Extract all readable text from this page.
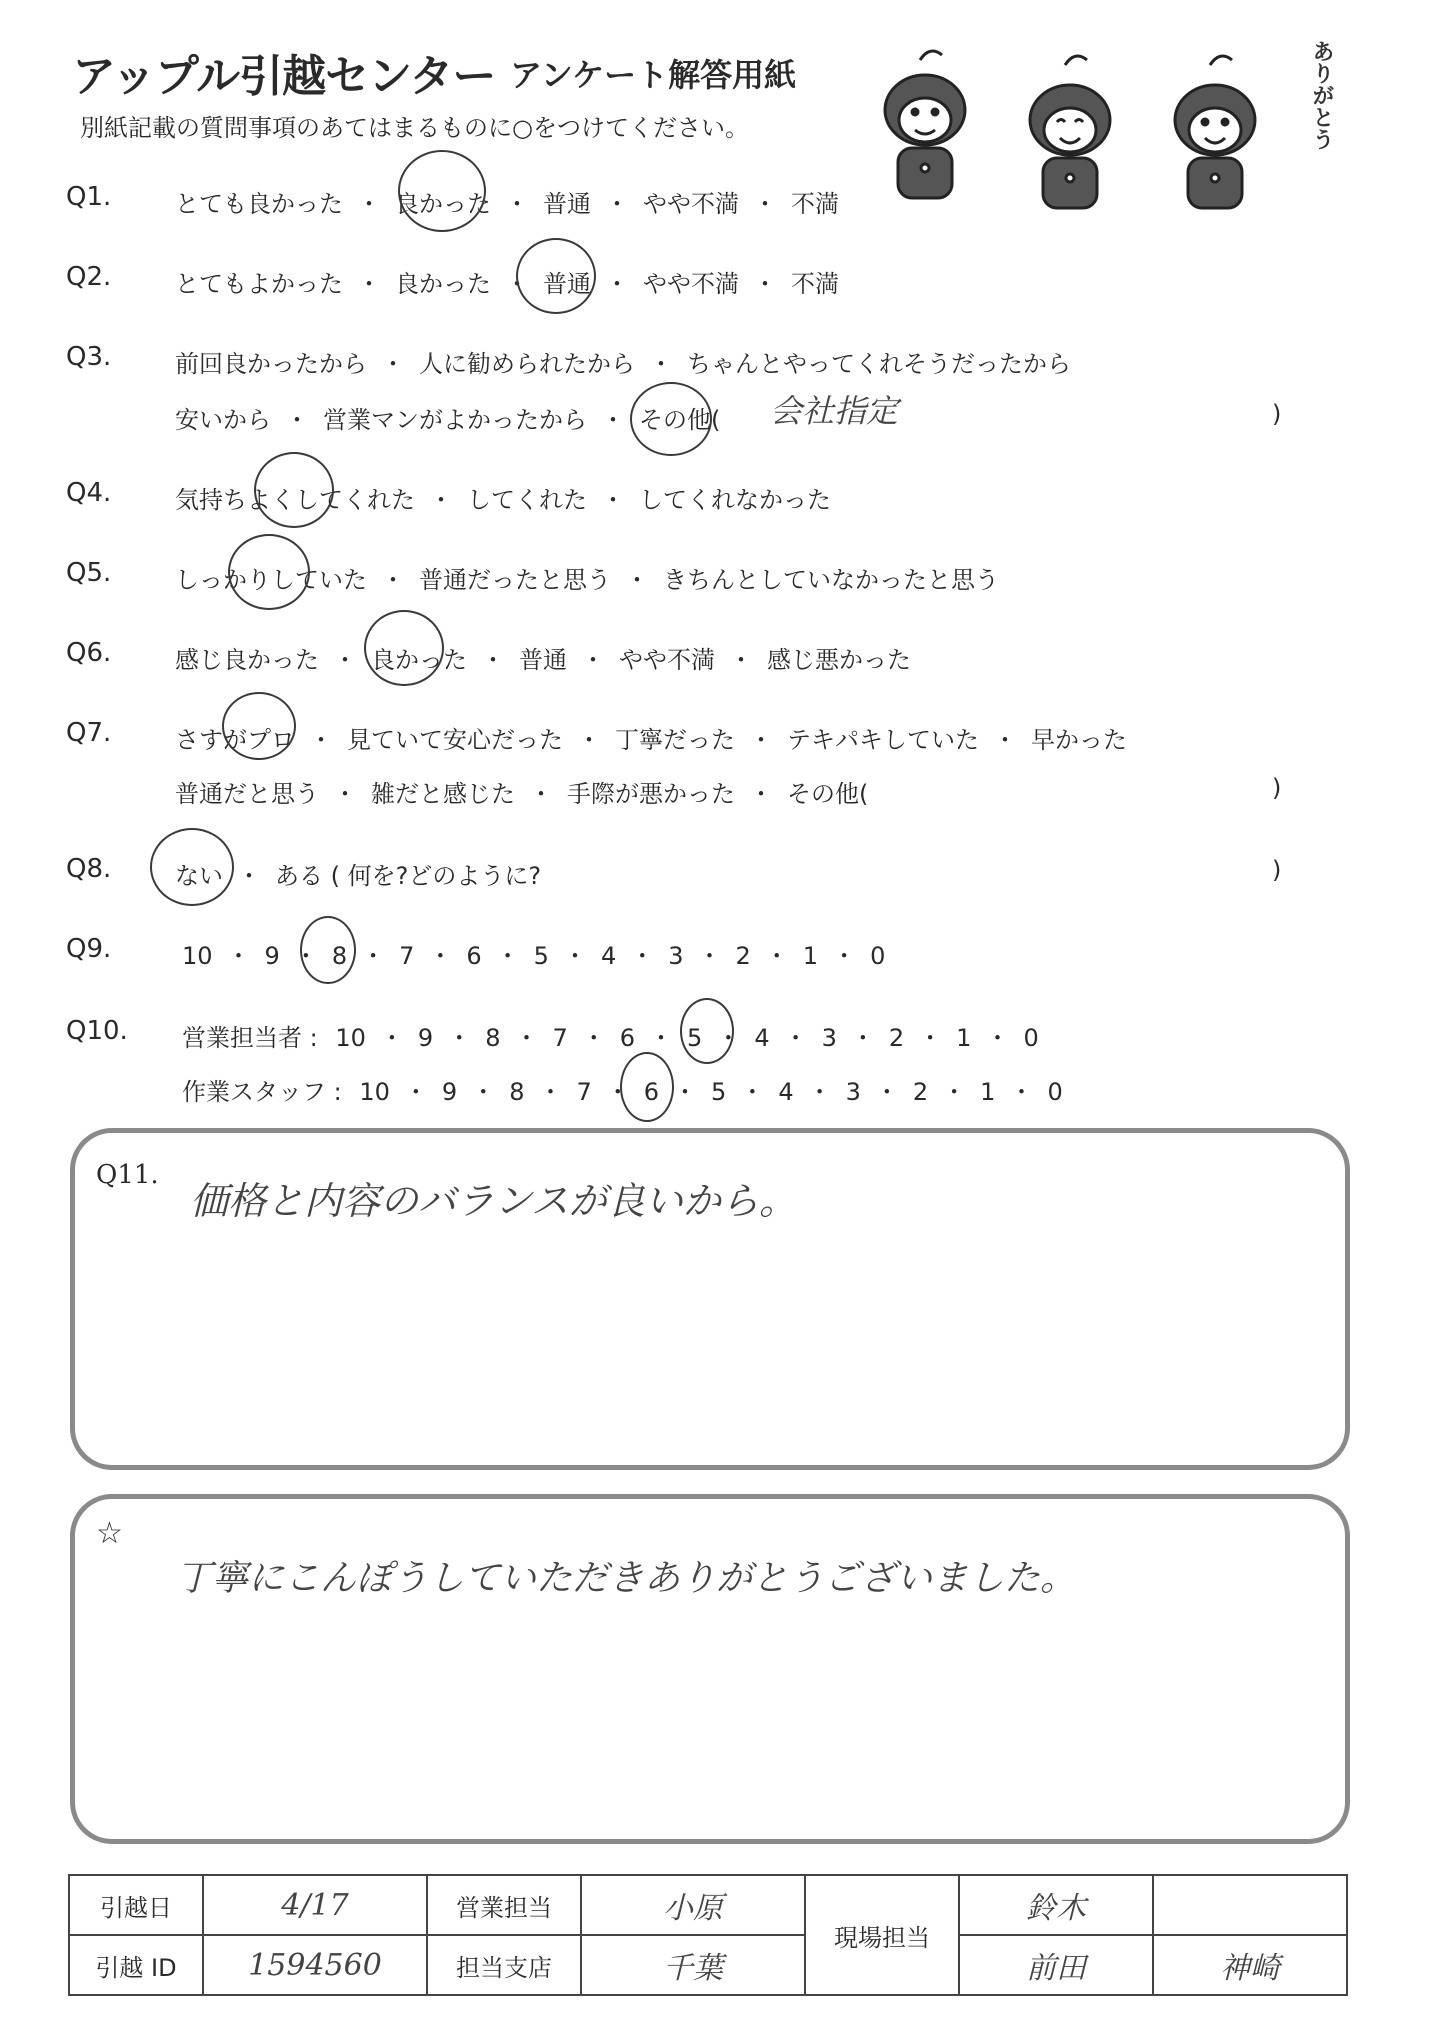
アップル引越センター アンケート解答用紙
別紙記載の質問事項のあてはまるものに○をつけてください。	ありがとう
Q1.	とても良かった ・ 良かった ・ 普通 ・ やや不満 ・ 不満
Q2.	とてもよかった ・ 良かった ・ 普通 ・ やや不満 ・ 不満
Q3.	前回良かったから ・ 人に勧められたから ・ ちゃんとやってくれそうだったから
安いから ・ 営業マンがよかったから ・ その他( 会社指定	)
Q4.	気持ちよくしてくれた ・ してくれた ・ してくれなかった
Q5.	しっかりしていた ・ 普通だったと思う ・ きちんとしていなかったと思う
Q6.	感じ良かった ・ 良かった ・ 普通 ・ やや不満 ・ 感じ悪かった
Q7.	さすがプロ ・ 見ていて安心だった ・ 丁寧だった ・ テキパキしていた ・ 早かった
普通だと思う ・ 雑だと感じた ・ 手際が悪かった ・ その他(	)
Q8.	ない ・ ある ( 何を?どのように?	)
Q9.	10 ・ 9 ・ 8 ・ 7 ・ 6 ・ 5 ・ 4 ・ 3 ・ 2 ・ 1 ・ 0
Q10. 営業担当者 : 10 ・ 9 ・ 8 ・ 7 ・ 6 ・ 5 ・ 4 ・ 3 ・ 2 ・ 1 ・ 0
作業スタッフ : 10 ・ 9 ・ 8 ・ 7 ・ 6 ・ 5 ・ 4 ・ 3 ・ 2 ・ 1 ・ 0
Q11.
価格と内容のバランスが良いから。
☆
丁寧にこんぽうしていただきありがとうございました。
引越日	4/17	営業担当	小原	現場担当	鈴木	
引越 ID	1594560	担当支店	千葉		前田	神崎
